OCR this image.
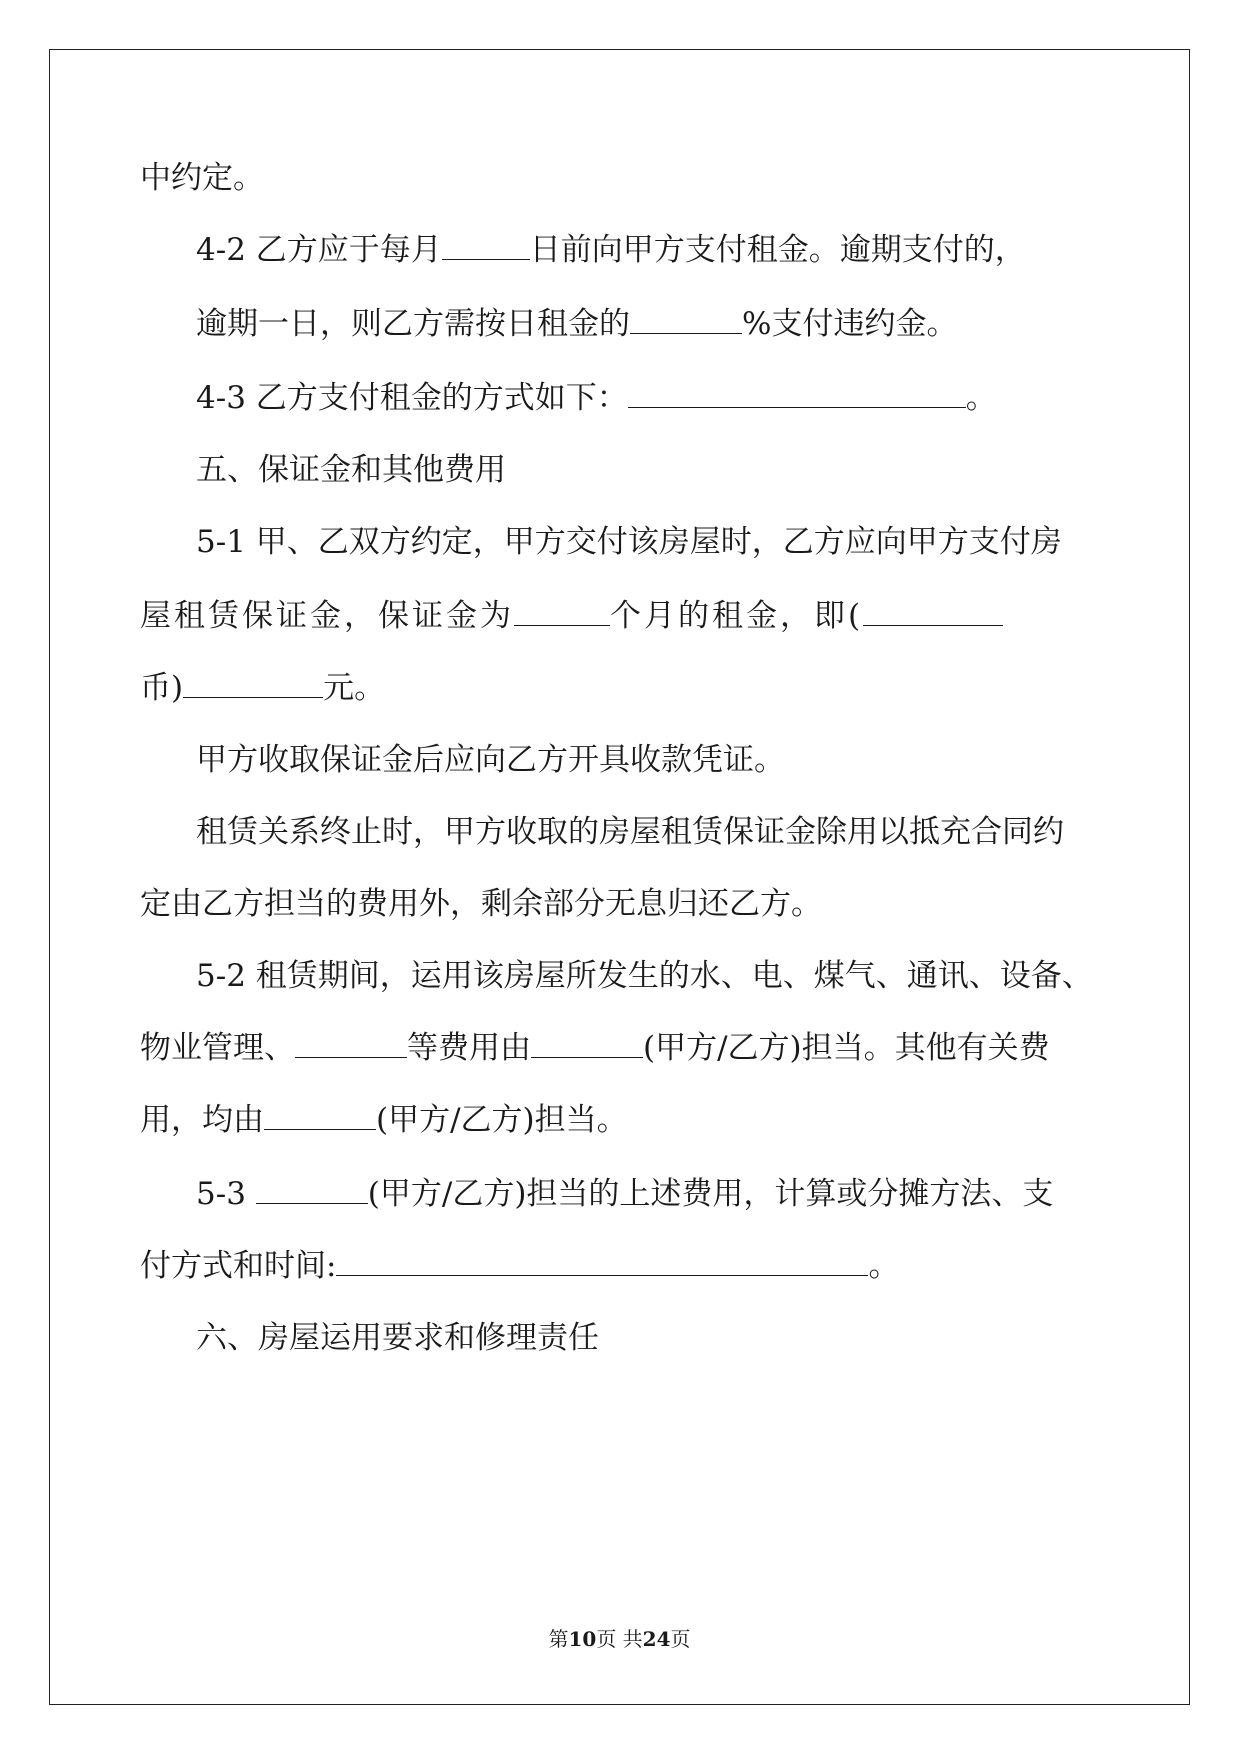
中约定。

4-2 乙方应于每月	日前向甲方支付租金。逾期支付的，

逾期一日，则乙方需按日租金的	%支付违约金。

4-3 乙方支付租金的方式如下：	。

五、保证金和其他费用

5-1 甲、乙双方约定，甲方交付该房屋时，乙方应向甲方支付房

屋租赁保证金，保证金为	个月的租金，即(

币)	元。

甲方收取保证金后应向乙方开具收款凭证。

租赁关系终止时，甲方收取的房屋租赁保证金除用以抵充合同约

定由乙方担当的费用外，剩余部分无息归还乙方。

5-2 租赁期间，运用该房屋所发生的水、电、煤气、通讯、设备、

物业管理、	等费用由	(甲方/乙方)担当。其他有关费

用，均由	(甲方/乙方)担当。

5-3	(甲方/乙方)担当的上述费用，计算或分摊方法、支

付方式和时间:	。

六、房屋运用要求和修理责任

第10页 共24页
